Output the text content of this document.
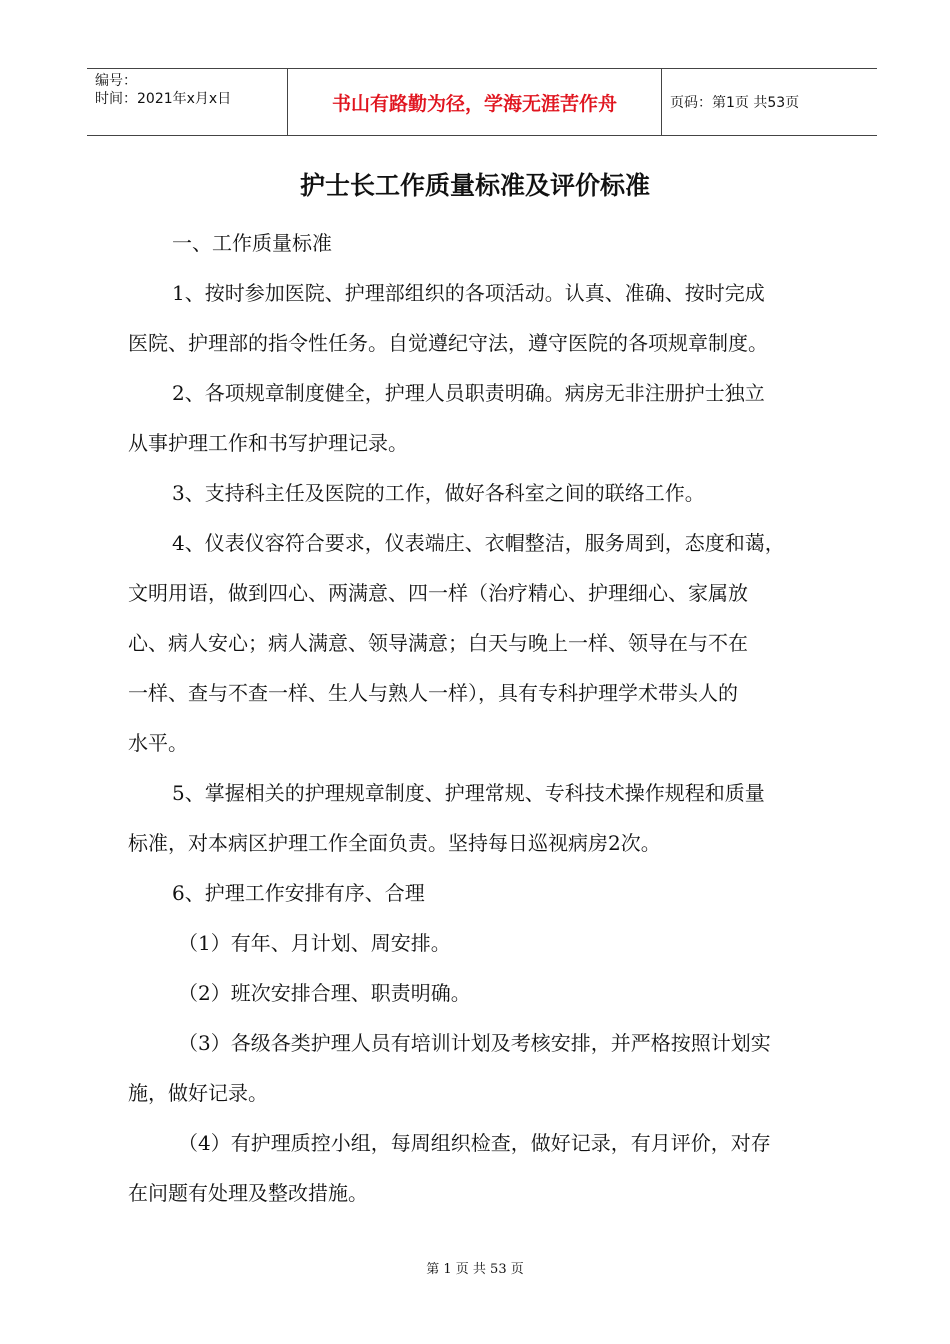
编号：
时间：2021年x月x日	书山有路勤为径，学海无涯苦作舟	页码：第1页 共53页
护士长工作质量标准及评价标准

一、工作质量标准

1、按时参加医院、护理部组织的各项活动。认真、准确、按时完成

医院、护理部的指令性任务。自觉遵纪守法，遵守医院的各项规章制度。

2、各项规章制度健全，护理人员职责明确。病房无非注册护士独立

从事护理工作和书写护理记录。

3、支持科主任及医院的工作，做好各科室之间的联络工作。

4、仪表仪容符合要求，仪表端庄、衣帽整洁，服务周到，态度和蔼，

文明用语，做到四心、两满意、四一样（治疗精心、护理细心、家属放

心、病人安心；病人满意、领导满意；白天与晚上一样、领导在与不在

一样、查与不查一样、生人与熟人一样），具有专科护理学术带头人的

水平。

5、掌握相关的护理规章制度、护理常规、专科技术操作规程和质量

标准，对本病区护理工作全面负责。坚持每日巡视病房2次。

6、护理工作安排有序、合理

（1）有年、月计划、周安排。

（2）班次安排合理、职责明确。

（3）各级各类护理人员有培训计划及考核安排，并严格按照计划实

施，做好记录。

（4）有护理质控小组，每周组织检查，做好记录，有月评价，对存

在问题有处理及整改措施。

第 1 页 共 53 页
